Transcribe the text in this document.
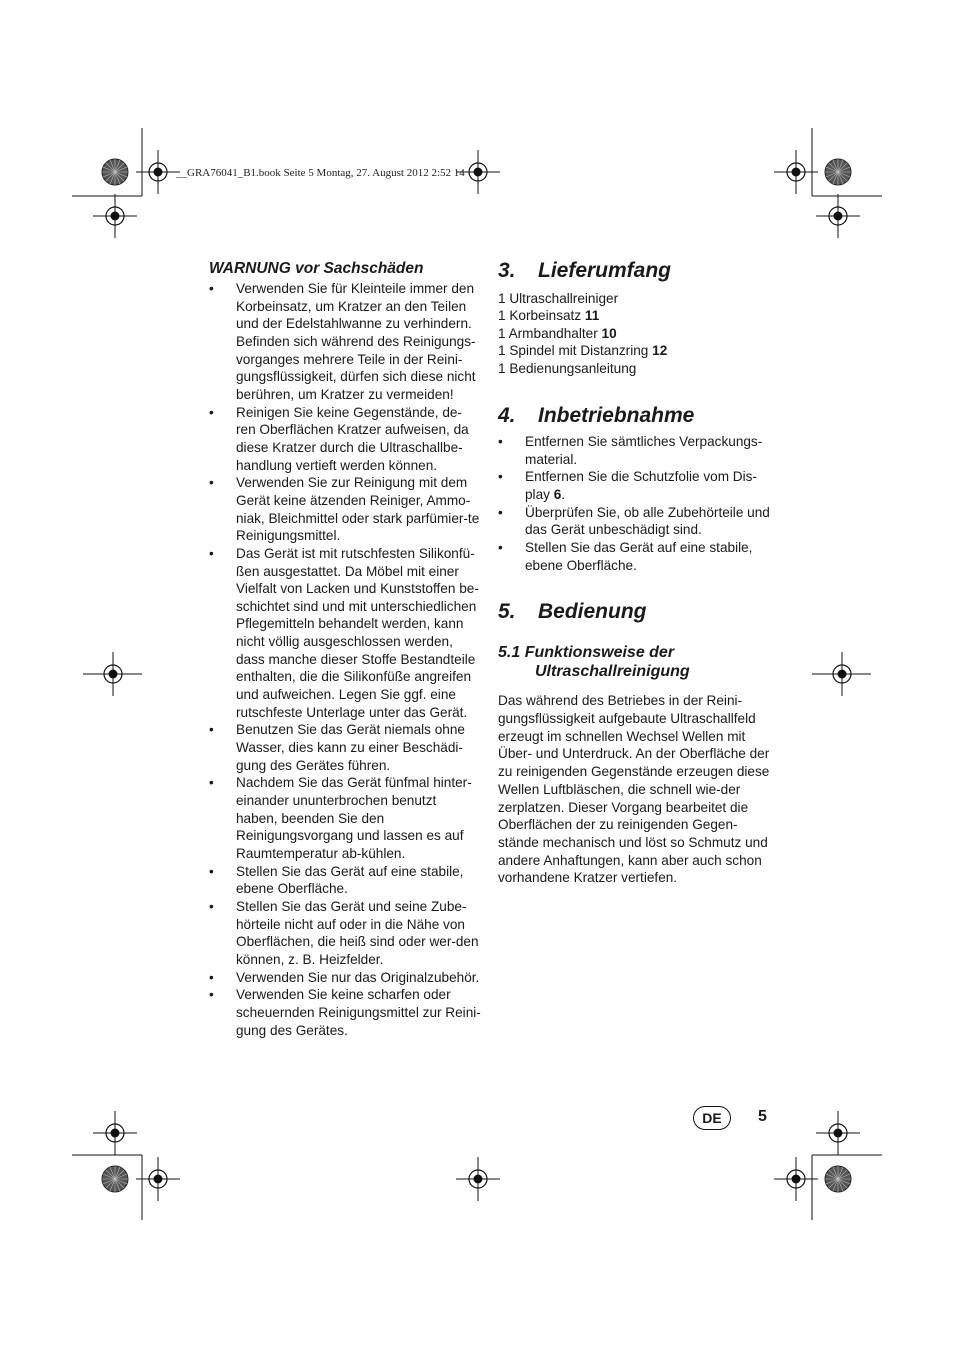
__GRA76041_B1.book Seite 5 Montag, 27. August 2012 2:52 14
WARNUNG vor Sachschäden
• Verwenden Sie für Kleinteile immer den Korbeinsatz, um Kratzer an den Teilen und der Edelstahlwanne zu verhindern. Befinden sich während des Reinigungs-vorganges mehrere Teile in der Reini-gungsflüssigkeit, dürfen sich diese nicht berühren, um Kratzer zu vermeiden!
• Reinigen Sie keine Gegenstände, de-ren Oberflächen Kratzer aufweisen, da diese Kratzer durch die Ultraschallbe-handlung vertieft werden können.
• Verwenden Sie zur Reinigung mit dem Gerät keine ätzenden Reiniger, Ammo-niak, Bleichmittel oder stark parfümier-te Reinigungsmittel.
• Das Gerät ist mit rutschfesten Silikonfü-ßen ausgestattet. Da Möbel mit einer Vielfalt von Lacken und Kunststoffen be-schichtet sind und mit unterschiedlichen Pflegemitteln behandelt werden, kann nicht völlig ausgeschlossen werden, dass manche dieser Stoffe Bestandteile enthalten, die die Silikonfüße angreifen und aufweichen. Legen Sie ggf. eine rutschfeste Unterlage unter das Gerät.
• Benutzen Sie das Gerät niemals ohne Wasser, dies kann zu einer Beschädi-gung des Gerätes führen.
• Nachdem Sie das Gerät fünfmal hinter-einander ununterbrochen benutzt haben, beenden Sie den Reinigungsvorgang und lassen es auf Raumtemperatur ab-kühlen.
• Stellen Sie das Gerät auf eine stabile, ebene Oberfläche.
• Stellen Sie das Gerät und seine Zube-hörteile nicht auf oder in die Nähe von Oberflächen, die heiß sind oder wer-den können, z. B. Heizfelder.
• Verwenden Sie nur das Originalzubehör.
• Verwenden Sie keine scharfen oder scheuernden Reinigungsmittel zur Reini-gung des Gerätes.
3. Lieferumfang
1 Ultraschallreiniger
1 Korbeinsatz 11
1 Armbandhalter 10
1 Spindel mit Distanzring 12
1 Bedienungsanleitung
4. Inbetriebnahme
• Entfernen Sie sämtliches Verpackungs-material.
• Entfernen Sie die Schutzfolie vom Dis-play 6.
• Überprüfen Sie, ob alle Zubehörteile und das Gerät unbeschädigt sind.
• Stellen Sie das Gerät auf eine stabile, ebene Oberfläche.
5. Bedienung
5.1 Funktionsweise der
Ultraschallreinigung

Das während des Betriebes in der Reini-gungsflüssigkeit aufgebaute Ultraschallfeld erzeugt im schnellen Wechsel Wellen mit Über- und Unterdruck. An der Oberfläche der zu reinigenden Gegenstände erzeugen diese Wellen Luftbläschen, die schnell wie-der zerplatzen. Dieser Vorgang bearbeitet die Oberflächen der zu reinigenden Gegen-stände mechanisch und löst so Schmutz und andere Anhaftungen, kann aber auch schon vorhandene Kratzer vertiefen.

DE	5
